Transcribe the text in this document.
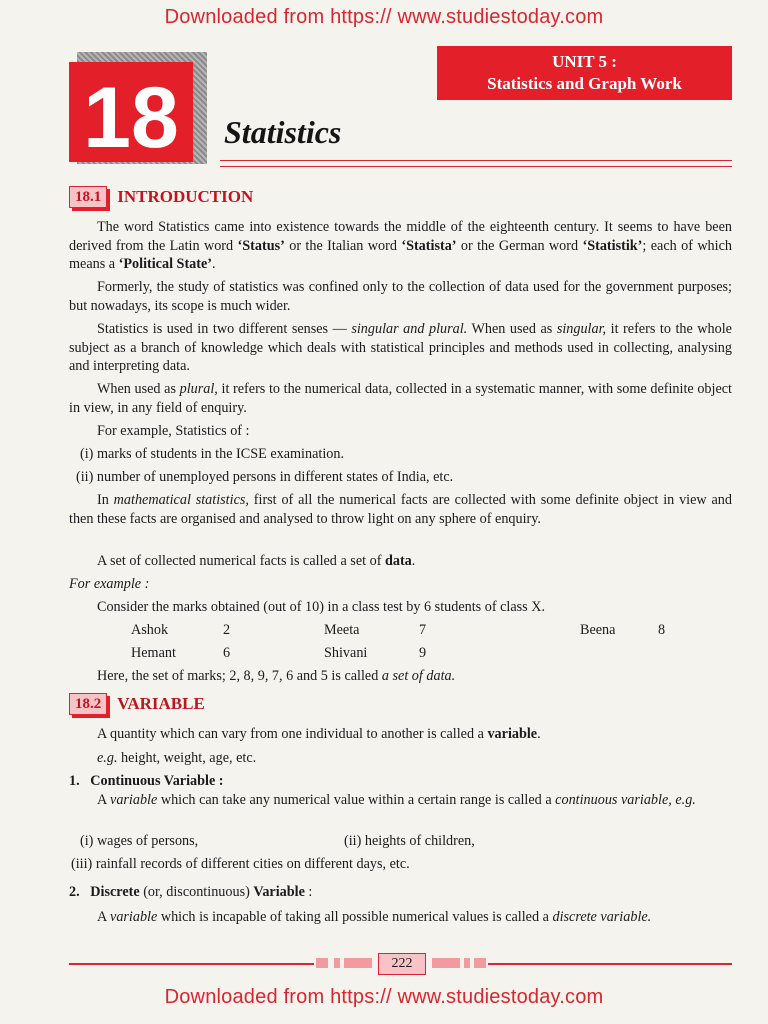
Downloaded from https:// www.studiestoday.com
18
UNIT 5 :
Statistics and Graph Work
Statistics
18.1 INTRODUCTION
The word Statistics came into existence towards the middle of the eighteenth century. It seems to have been derived from the Latin word ‘Status’ or the Italian word ‘Statista’ or the German word ‘Statistik’; each of which means a ‘Political State’.
Formerly, the study of statistics was confined only to the collection of data used for the government purposes; but nowadays, its scope is much wider.
Statistics is used in two different senses — singular and plural. When used as singular, it refers to the whole subject as a branch of knowledge which deals with statistical principles and methods used in collecting, analysing and interpreting data.
When used as plural, it refers to the numerical data, collected in a systematic manner, with some definite object in view, in any field of enquiry.
For example, Statistics of :
(i) marks of students in the ICSE examination.
(ii) number of unemployed persons in different states of India, etc.
In mathematical statistics, first of all the numerical facts are collected with some definite object in view and then these facts are organised and analysed to throw light on any sphere of enquiry.
A set of collected numerical facts is called a set of data.
For example :
Consider the marks obtained (out of 10) in a class test by 6 students of class X.
Ashok	2	Meeta	7	Beena	8
Hemant	6	Shivani	9
Here, the set of marks; 2, 8, 9, 7, 6 and 5 is called a set of data.
18.2 VARIABLE
A quantity which can vary from one individual to another is called a variable.
e.g. height, weight, age, etc.
1. Continuous Variable :
A variable which can take any numerical value within a certain range is called a continuous variable, e.g.
(i) wages of persons,	(ii) heights of children,
(iii) rainfall records of different cities on different days, etc.
2. Discrete (or, discontinuous) Variable :
A variable which is incapable of taking all possible numerical values is called a discrete variable.
222
Downloaded from https:// www.studiestoday.com
